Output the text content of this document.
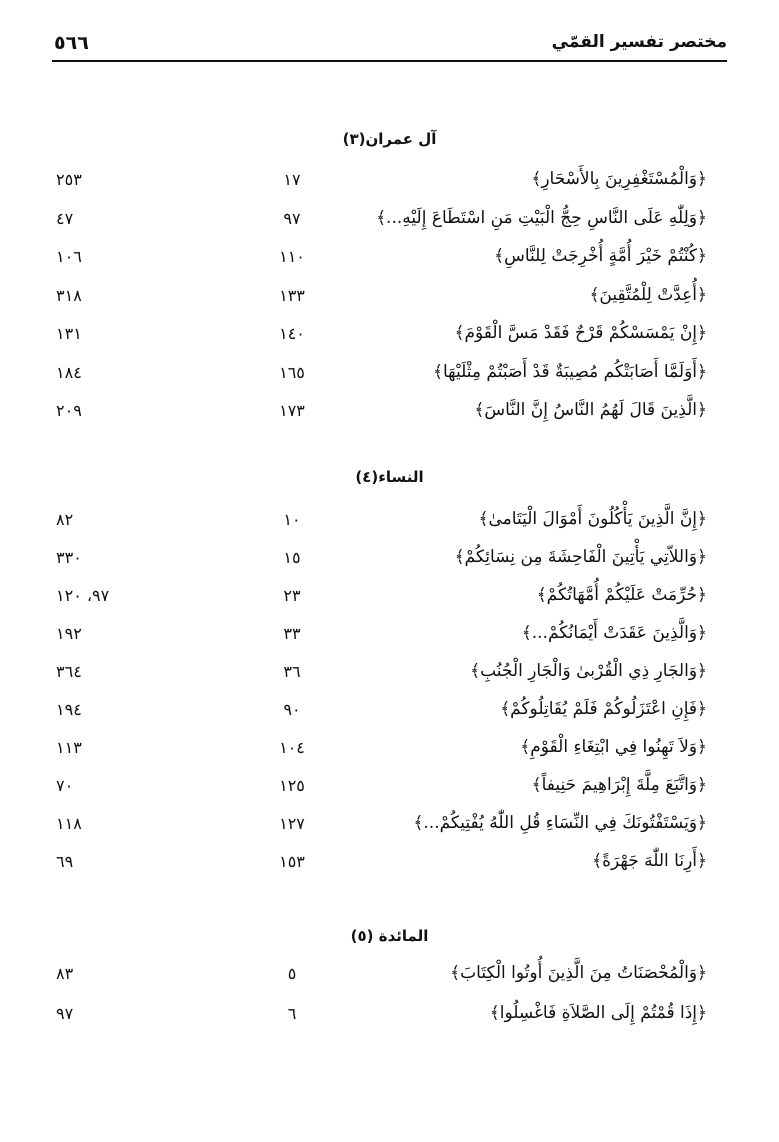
مختصر تفسير القمّي
٥٦٦
آل عمران(٣)
﴿وَالْمُسْتَغْفِرِينَ بِالأَسْحَارِ﴾
١٧
٢٥٣
﴿وَلِلّٰهِ عَلَى النَّاسِ حِجُّ الْبَيْتِ مَنِ اسْتَطَاعَ إِلَيْهِ...﴾
٩٧
٤٧
﴿كُنْتُمْ خَيْرَ أُمَّةٍ أُخْرِجَتْ لِلنَّاسِ﴾
١١٠
١٠٦
﴿أُعِدَّتْ لِلْمُتَّقِينَ﴾
١٣٣
٣١٨
﴿إِنْ يَمْسَسْكُمْ قَرْحٌ فَقَدْ مَسَّ الْقَوْمَ﴾
١٤٠
١٣١
﴿أَوَلَمَّا أَصَابَتْكُم مُصِيبَةٌ قَدْ أَصَبْتُمْ مِثْلَيْهَا﴾
١٦٥
١٨٤
﴿الَّذِينَ قَالَ لَهُمُ النَّاسُ إِنَّ النَّاسَ﴾
١٧٣
٢٠٩
النساء(٤)
﴿إِنَّ الَّذِينَ يَأْكُلُونَ أَمْوَالَ الْيَتَامىٰ﴾
١٠
٨٢
﴿وَاللاّتِي يَأْتِينَ الْفَاحِشَةَ مِن نِسَائِكُمْ﴾
١٥
٣٣٠
﴿حُرِّمَتْ عَلَيْكُمْ أُمَّهَاتُكُمْ﴾
٢٣
٩٧، ١٢٠
﴿وَالَّذِينَ عَقَدَتْ أَيْمَانُكُمْ...﴾
٣٣
١٩٢
﴿وَالجَارِ ذِي الْقُرْبىٰ وَالْجَارِ الْجُنُبِ﴾
٣٦
٣٦٤
﴿فَإِنِ اعْتَزَلُوكُمْ فَلَمْ يُقَاتِلُوكُمْ﴾
٩٠
١٩٤
﴿وَلاَ تَهِنُوا فِي ابْتِغَاءِ الْقَوْمِ﴾
١٠٤
١١٣
﴿وَاتَّبَعَ مِلَّةَ إِبْرَاهِيمَ حَنِيفاً﴾
١٢٥
٧٠
﴿وَيَسْتَفْتُونَكَ فِي النِّسَاءِ قُلِ اللّٰهُ يُفْتِيكُمْ...﴾
١٢٧
١١٨
﴿أَرِنَا اللّٰهَ جَهْرَةً﴾
١٥٣
٦٩
المائدة (٥)
﴿وَالْمُحْصَنَاتُ مِنَ الَّذِينَ أُوتُوا الْكِتَابَ﴾
٥
٨٣
﴿إِذَا قُمْتُمْ إِلَى الصَّلاَةِ فَاغْسِلُوا﴾
٦
٩٧
